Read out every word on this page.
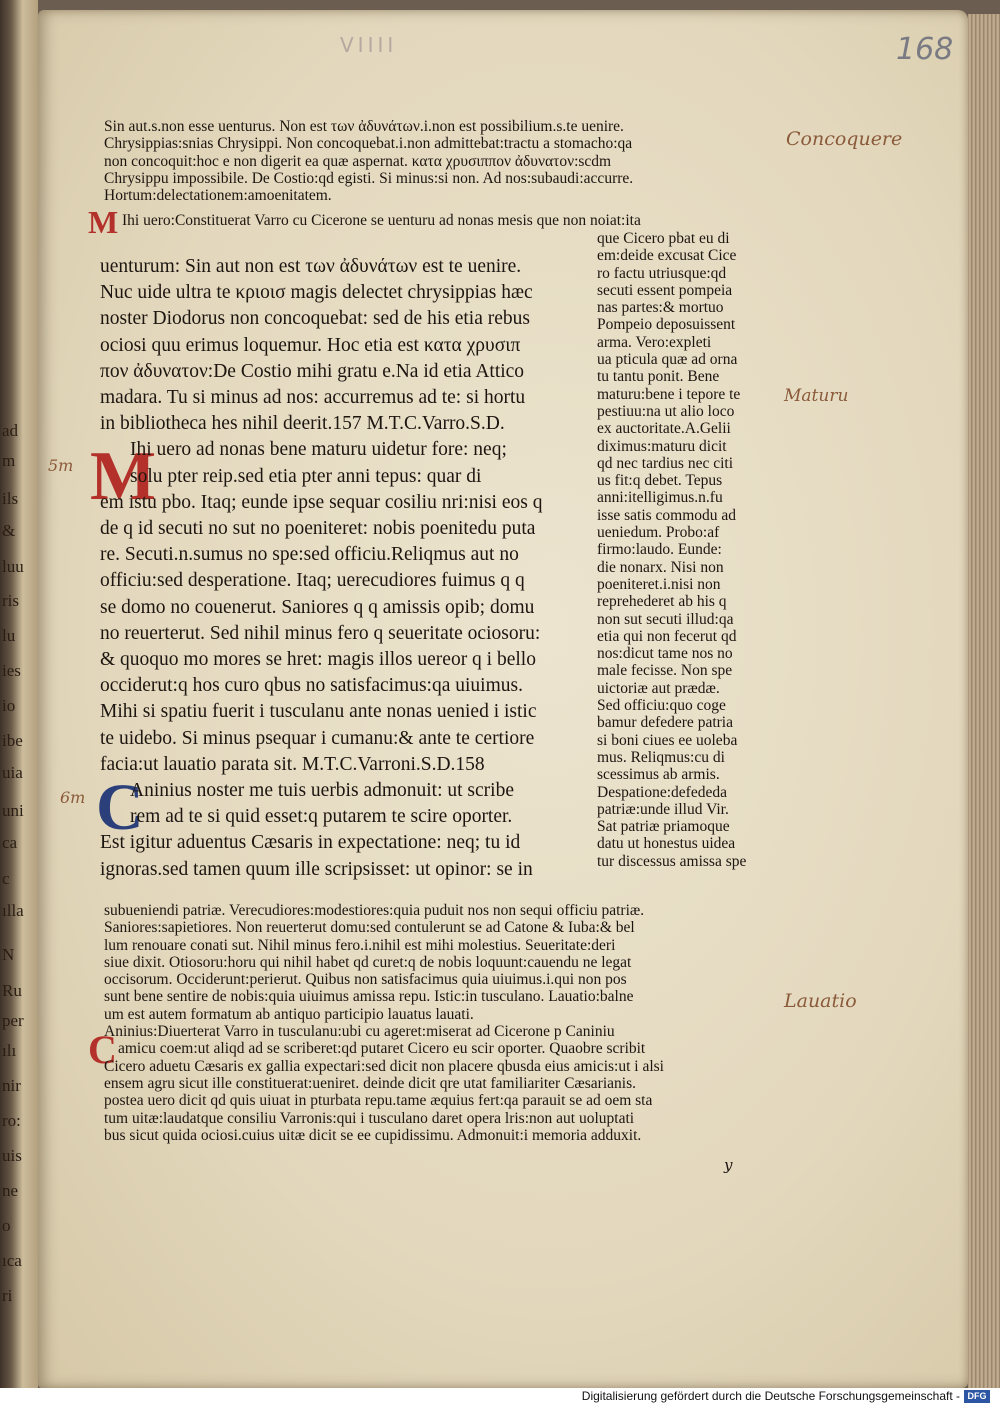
ad
m
ils
&
luu
ris
lu
ies
io
ibe
uia
uni
ca
c
ılla
N
Ru
per
ılı
nir
ro:
uis
ne
o
ıca
ri
VIIII	168
Concoquere
Maturu
Lauatio
5m
6m
Sin aut.s.non esse uenturus. Non est των ἀδυνάτων.i.non est possibilium.s.te uenire.
Chrysippias:snias Chrysippi. Non concoquebat.i.non admittebat:tractu a stomacho:qa
non concoquit:hoc e non digerit ea quæ aspernat. κατα χρυσιππον ἀδυνατον:scdm
Chrysippu impossibile. De Costio:qd egisti. Si minus:si non. Ad nos:subaudi:accurre.
Hortum:delectationem:amoenitatem.
M Ihi uero:Constituerat Varro cu Cicerone se uenturu ad nonas mesis que non noiat:ita
M
C
uenturum: Sin aut non est των ἀδυνάτων est te uenire.
Nuc uide ultra te κριοισ magis delectet chrysippias hæc
noster Diodorus non concoquebat: sed de his etia rebus
ociosi quu erimus loquemur. Hoc etia est κατα χρυσιπ
πον ἀδυνατον:De Costio mihi gratu e.Na id etia Attico
madara. Tu si minus ad nos: accurremus ad te: si hortu
in bibliotheca hes nihil deerit.157 M.T.C.Varro.S.D.
Ihi uero ad nonas bene maturu uidetur fore: neq;
solu pter reip.sed etia pter anni tepus: quar di
em istu pbo. Itaq; eunde ipse sequar cosiliu nri:nisi eos q
de q id secuti no sut no poeniteret: nobis poenitedu puta
re. Secuti.n.sumus no spe:sed officiu.Reliqmus aut no
officiu:sed desperatione. Itaq; uerecudiores fuimus q q
se domo no couenerut. Saniores q q amissis opib; domu
no reuerterut. Sed nihil minus fero q seueritate ociosoru:
& quoquo mo mores se hret: magis illos uereor q i bello
occiderut:q hos curo qbus no satisfacimus:qa uiuimus.
Mihi si spatiu fuerit i tusculanu ante nonas uenied i istic
te uidebo. Si minus psequar i cumanu:& ante te certiore
facia:ut lauatio parata sit. M.T.C.Varroni.S.D.158
Aninius noster me tuis uerbis admonuit: ut scribe
rem ad te si quid esset:q putarem te scire oporter.
Est igitur aduentus Cæsaris in expectatione: neq; tu id
ignoras.sed tamen quum ille scripsisset: ut opinor: se in
que Cicero pbat eu di
em:deide excusat Cice
ro factu utriusque:qd
secuti essent pompeia
nas partes:& mortuo
Pompeio deposuissent
arma. Vero:expleti
ua pticula quæ ad orna
tu tantu ponit. Bene
maturu:bene i tepore te
pestiuu:na ut alio loco
ex auctoritate.A.Gelii
diximus:maturu dicit
qd nec tardius nec citi
us fit:q debet. Tepus
anni:itelligimus.n.fu
isse satis commodu ad
ueniedum. Probo:af
firmo:laudo. Eunde:
die nonarx. Nisi non
poeniteret.i.nisi non
reprehederet ab his q
non sut secuti illud:qa
etia qui non fecerut qd
nos:dicut tame nos no
male fecisse. Non spe
uictoriæ aut prædæ.
Sed officiu:quo coge
bamur defedere patria
si boni ciues ee uoleba
mus. Reliqmus:cu di
scessimus ab armis.
Despatione:defededa
patriæ:unde illud Vir.
Sat patriæ priamoque
datu ut honestus uidea
tur discessus amissa spe
C
subueniendi patriæ. Verecudiores:modestiores:quia puduit nos non sequi officiu patriæ.
Saniores:sapietiores. Non reuerterut domu:sed contulerunt se ad Catone & Iuba:& bel
lum renouare conati sut. Nihil minus fero.i.nihil est mihi molestius. Seueritate:deri
siue dixit. Otiosoru:horu qui nihil habet qd curet:q de nobis loquunt:cauendu ne legat
occisorum. Occiderunt:perierut. Quibus non satisfacimus quia uiuimus.i.qui non pos
sunt bene sentire de nobis:quia uiuimus amissa repu. Istic:in tusculano. Lauatio:balne
um est autem formatum ab antiquo participio lauatus lauati.
Aninius:Diuerterat Varro in tusculanu:ubi cu ageret:miserat ad Cicerone p Caniniu
amicu coem:ut aliqd ad se scriberet:qd putaret Cicero eu scir oporter. Quaobre scribit
Cicero aduetu Cæsaris ex gallia expectari:sed dicit non placere qbusda eius amicis:ut i alsi
ensem agru sicut ille constituerat:ueniret. deinde dicit qre utat familiariter Cæsarianis.
postea uero dicit qd quis uiuat in pturbata repu.tame æquius fert:qa parauit se ad oem sta
tum uitæ:laudatque consiliu Varronis:qui i tusculano daret opera lris:non aut uoluptati
bus sicut quida ociosi.cuius uitæ dicit se ee cupidissimu. Admonuit:i memoria adduxit.
y
Digitalisierung gefördert durch die Deutsche Forschungsgemeinschaft - DFG
